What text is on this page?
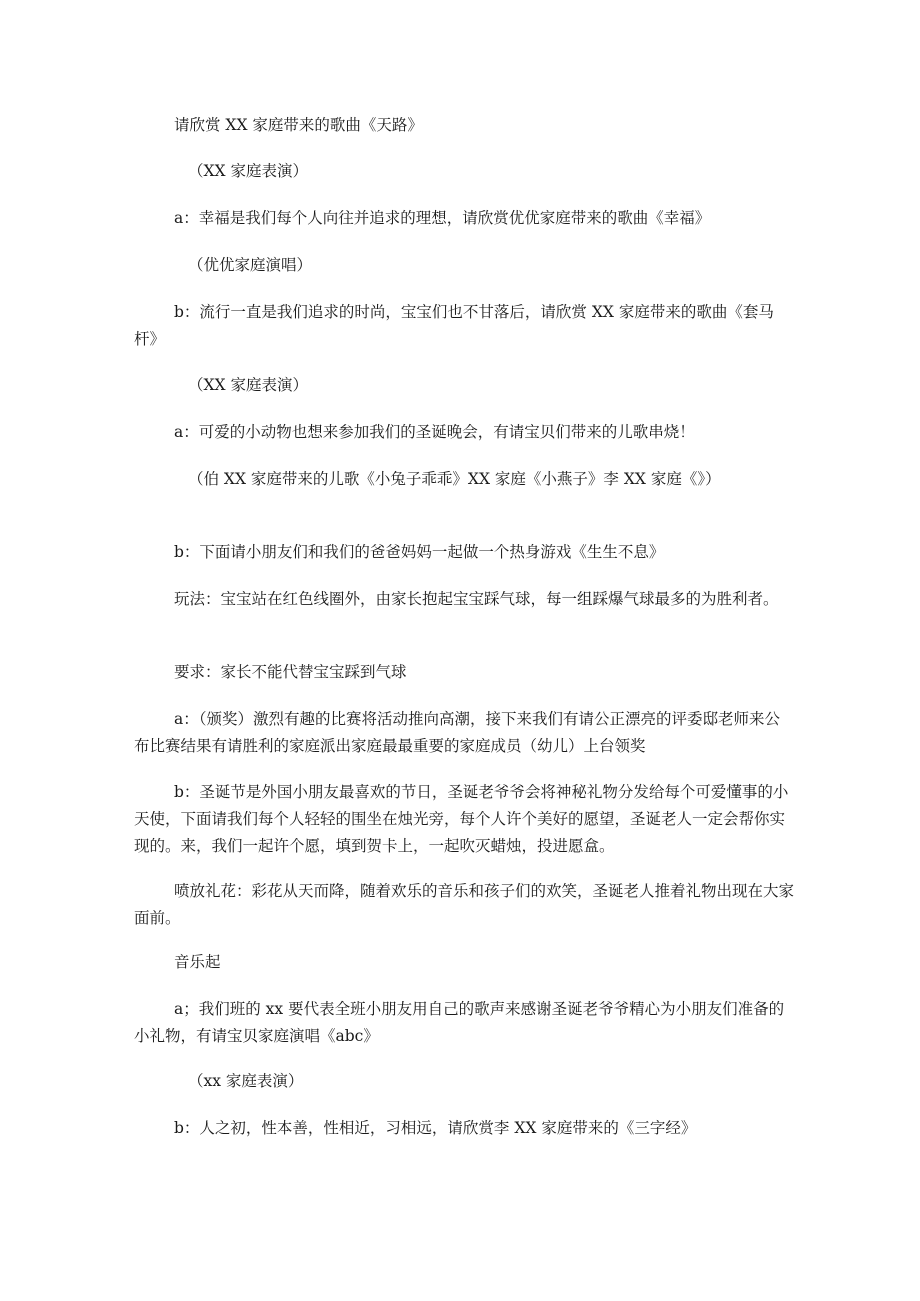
请欣赏 XX 家庭带来的歌曲《天路》

（XX 家庭表演）

a：幸福是我们每个人向往并追求的理想，请欣赏优优家庭带来的歌曲《幸福》

（优优家庭演唱）

b：流行一直是我们追求的时尚，宝宝们也不甘落后，请欣赏 XX 家庭带来的歌曲《套马杆》

（XX 家庭表演）

a：可爱的小动物也想来参加我们的圣诞晚会，有请宝贝们带来的儿歌串烧！

（伯 XX 家庭带来的儿歌《小兔子乖乖》XX 家庭《小燕子》李 XX 家庭《》）

b：下面请小朋友们和我们的爸爸妈妈一起做一个热身游戏《生生不息》

玩法：宝宝站在红色线圈外，由家长抱起宝宝踩气球，每一组踩爆气球最多的为胜利者。

要求：家长不能代替宝宝踩到气球

a：（颁奖）激烈有趣的比赛将活动推向高潮，接下来我们有请公正漂亮的评委邸老师来公布比赛结果有请胜利的家庭派出家庭最最重要的家庭成员（幼儿）上台领奖

b：圣诞节是外国小朋友最喜欢的节日，圣诞老爷爷会将神秘礼物分发给每个可爱懂事的小天使，下面请我们每个人轻轻的围坐在烛光旁，每个人许个美好的愿望，圣诞老人一定会帮你实现的。来，我们一起许个愿，填到贺卡上，一起吹灭蜡烛，投进愿盒。

喷放礼花：彩花从天而降，随着欢乐的音乐和孩子们的欢笑，圣诞老人推着礼物出现在大家面前。

音乐起

a；我们班的 xx 要代表全班小朋友用自己的歌声来感谢圣诞老爷爷精心为小朋友们准备的小礼物，有请宝贝家庭演唱《abc》

（xx 家庭表演）

b：人之初，性本善，性相近，习相远，请欣赏李 XX 家庭带来的《三字经》
